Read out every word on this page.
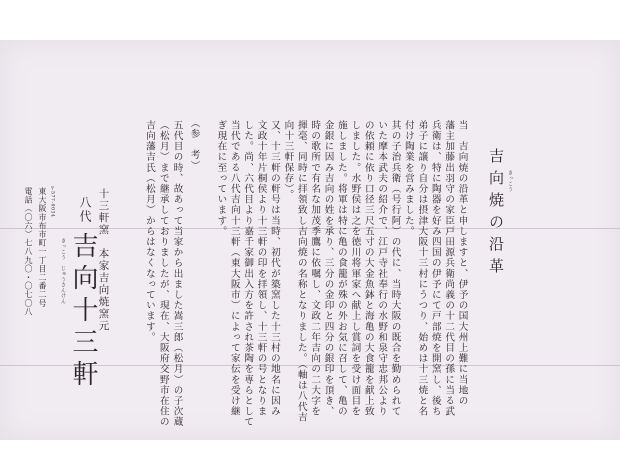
吉向焼の沿革 きっこう
当　吉向焼の沿革と申しますと、伊予の国大州上難に当地の
藩主加藤出羽守の家臣戸田源兵衛尚義の十二代目の孫に当る武
兵衛は、特に陶器を好み四国の伊予にて戸部焼を開窯し、後ち
弟子に譲り自分は摂津大阪十三村にうつり、始めは十三焼と名
付け陶業を営みました。
其の子治兵衛（号行阿）の代に、当時大阪の既合を勤められて
いた摩本武夫の紹介で、江戸寺社奉行の水野和泉守忠邦公より
の依頼に依り口径三尺五寸の大金魚鉢と海亀の大食籠を献上致
しました。水野侯は之を徳川将軍家へ献上し賞詞を受け面目を
施しました。将軍は特に亀の食籠が殊の外お気に召して、亀の
金銀に因み吉向の姓を承り、三分の金印と四分の銀印を頂き、
時の歌所で有名な加茂季鷹に依嘱し、文政二年吉向の二大字を
揮毫、同時に拝領致し吉向焼の名称となりました。（軸は八代吉
向十三軒保存）。
又、十三軒の軒号は当時、初代が築窯した十三村の地名に因み
文政十年片桐侯より十三軒の印を拝領し、十三軒の号となりま
した。尚、六代目より嘉千家御出入方を許され茶陶を専らとして
当代である八代吉向十三軒（東大阪市）によって家伝を受け継
ぎ現在に至っています。
（参　考）
五代目の時、故あって当家から出ました嵩三郎（松月）の子次蔵
（松月）まで継承しておりましたが、現在、大阪府交野市在住の
吉向藩吉氏（松月）からはなくなっています。
十三軒窯　本家吉向焼窯元
八代
吉向十三軒
きっこう　じゅうさんけん
〒577-0034
東大阪市布市町一丁目二番二号
電話（〇六）七八九〇・〇七〇八
